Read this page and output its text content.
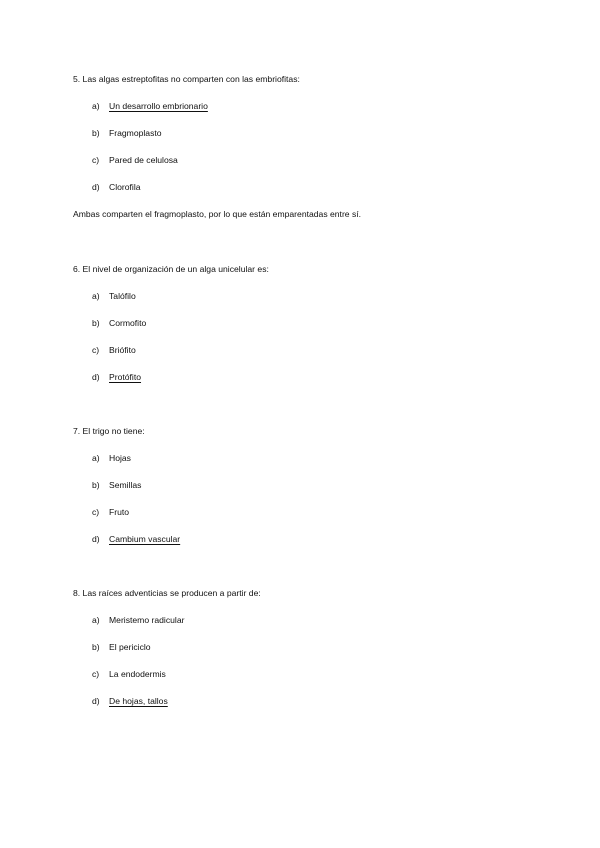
5. Las algas estreptofitas no comparten con las embriofitas:
a) Un desarrollo embrionario
b) Fragmoplasto
c) Pared de celulosa
d) Clorofila
Ambas comparten el fragmoplasto, por lo que están emparentadas entre sí.
6. El nivel de organización de un alga unicelular es:
a) Talófilo
b) Cormofito
c) Briófito
d) Protófito
7. El trigo no tiene:
a) Hojas
b) Semillas
c) Fruto
d) Cambium vascular
8. Las raíces adventicias se producen a partir de:
a) Meristemo radicular
b) El periciclo
c) La endodermis
d) De hojas, tallos
